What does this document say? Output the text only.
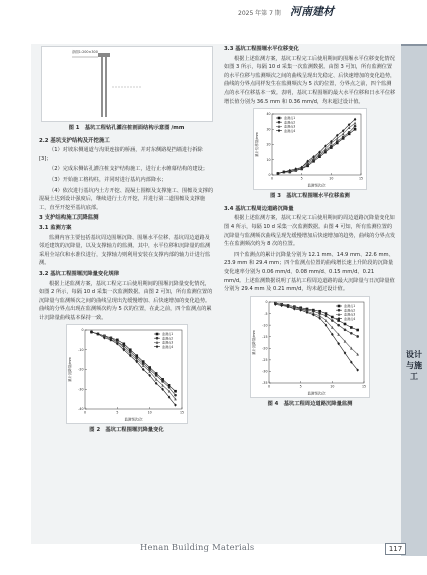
2025 年第 7 期 河南建材
设计与施工
剖面1:200×300
图 1　基坑工程钻孔灌注桩剖面结构示意图 /mm
2.2 基坑支护结构及开挖施工

（1）对坡东侧通道与沟渠连接的桥涵，并对东侧路堤挡墙进行拆除[3]；

（2）完成东侧钻孔灌注桩支护结构施工，进行止水帷幕结构的建设；

（3）开始施工格构柱，并同时进行基坑内部降水；

（4）依次进行基坑内土方开挖、混凝土围檩及支撑施工、围檩及支撑的混凝土达到设计强度后，继续进行土方开挖，并进行第二道围檩及支撑施工，直至开挖至基坑底部。

3 支护结构施工沉降监测
3.1 监测方案

监测内容主要包括基坑周边围堰沉降、围堰水平位移、基坑周边道路及邻近建筑的沉降量，以及支撑轴力的监测。其中，水平位移和沉降量的监测采用全站仪和水准仪进行，支撑轴力则利用安装在支撑内部的轴力计进行监测。

3.2 基坑工程围堰沉降量变化规律

根据上述监测方案，基坑工程完工后使用期间的围堰沉降量变化情况，如图 2 所示，每隔 10 d 采集一次监测数据。由图 2 可知，所有监测位置的沉降量与监测频次之间的曲线呈现出先缓慢增加、后快速增加的变化趋势。曲线的分界点出现在监测频次约为 5 次的位置，在此之前，四个监测点的累计沉降量曲线基本保持一致。

0
-10
-20
-30
-40
0	5	10	15
监测频次/次
累计沉降量/mm
监测点1
监测点2
监测点3
监测点4
图 2　基坑工程围堰沉降量变化
3.3 基坑工程围堰水平位移变化

根据上述监测方案，基坑工程完工后使用期间的围堰水平位移变化情况如图 3 所示，每隔 10 d 采集一次监测数据。由图 3 可知，所有监测位置的水平位移与监测频次之间的曲线呈现出先稳定、后快速增加的变化趋势，曲线的分界点同样发生在监测频次为 5 次的位置，分界点之前，四个监测点的水平位移基本一致。表明，基坑工程围堰的最大水平位移和日水平位移增长值分别为 36.5 mm 和 0.36 mm/d，均未超过设计值。

0
10
20
30
40
0	5	10	15
监测频次/次
累计位移量/mm
监测点1
监测点2
监测点3
监测点4
图 3　基坑工程围堰水平位移监测
3.4 基坑工程周边道路沉降量

根据上述监测方案，基坑工程完工后使用期间的周边道路沉降量变化如图 4 所示，每隔 10 d 采集一次监测数据。由图 4 可知，所有监测位置的沉降量与监测频次曲线呈现先缓慢增加后快速增加的趋势，曲线的分界点发生在监测频次约为 8 次的位置。

四个监测点的累计沉降量分别为 12.1 mm、14.9 mm、22.6 mm、23.9 mm 和 29.4 mm；四个监测点位置的曲线增长速上升阶段的沉降量变化速率分别为 0.06 mm/d、0.08 mm/d、0.15 mm/d、0.21 mm/d。上述监测数据说明了基坑工程周边道路的最大沉降量与日沉降量值分别为 29.4 mm 及 0.21 mm/d，均未超过设计值。

0
-5
-10
-15
-20
-25
-30
-35
0	5	10	15
监测频次/次
累计沉降量/mm
监测点1
监测点2
监测点3
监测点4
图 4　基坑工程周边道路沉降量监测
Henan Building Materials	117
